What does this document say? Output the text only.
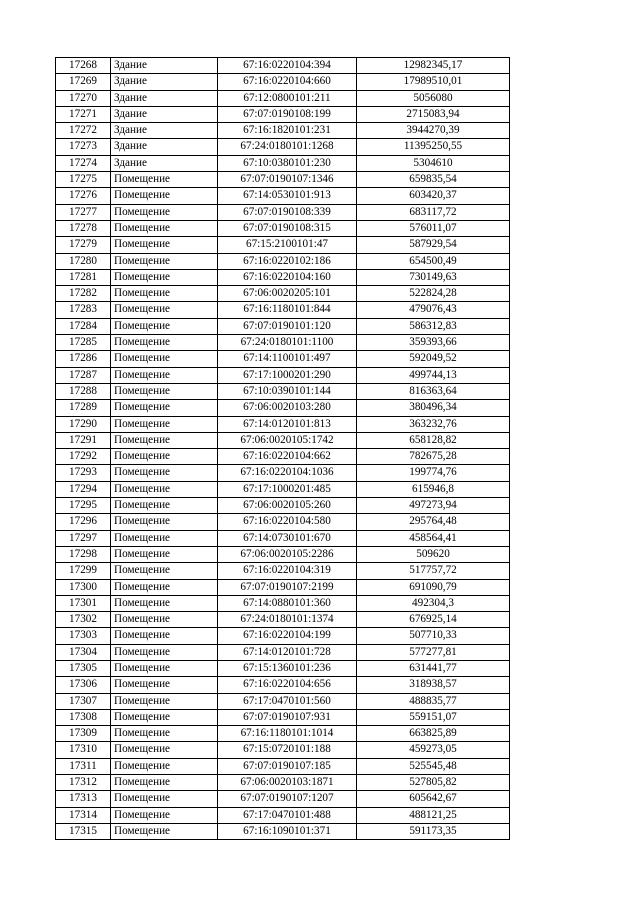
17268	Здание	67:16:0220104:394	12982345,17
17269	Здание	67:16:0220104:660	17989510,01
17270	Здание	67:12:0800101:211	5056080
17271	Здание	67:07:0190108:199	2715083,94
17272	Здание	67:16:1820101:231	3944270,39
17273	Здание	67:24:0180101:1268	11395250,55
17274	Здание	67:10:0380101:230	5304610
17275	Помещение	67:07:0190107:1346	659835,54
17276	Помещение	67:14:0530101:913	603420,37
17277	Помещение	67:07:0190108:339	683117,72
17278	Помещение	67:07:0190108:315	576011,07
17279	Помещение	67:15:2100101:47	587929,54
17280	Помещение	67:16:0220102:186	654500,49
17281	Помещение	67:16:0220104:160	730149,63
17282	Помещение	67:06:0020205:101	522824,28
17283	Помещение	67:16:1180101:844	479076,43
17284	Помещение	67:07:0190101:120	586312,83
17285	Помещение	67:24:0180101:1100	359393,66
17286	Помещение	67:14:1100101:497	592049,52
17287	Помещение	67:17:1000201:290	499744,13
17288	Помещение	67:10:0390101:144	816363,64
17289	Помещение	67:06:0020103:280	380496,34
17290	Помещение	67:14:0120101:813	363232,76
17291	Помещение	67:06:0020105:1742	658128,82
17292	Помещение	67:16:0220104:662	782675,28
17293	Помещение	67:16:0220104:1036	199774,76
17294	Помещение	67:17:1000201:485	615946,8
17295	Помещение	67:06:0020105:260	497273,94
17296	Помещение	67:16:0220104:580	295764,48
17297	Помещение	67:14:0730101:670	458564,41
17298	Помещение	67:06:0020105:2286	509620
17299	Помещение	67:16:0220104:319	517757,72
17300	Помещение	67:07:0190107:2199	691090,79
17301	Помещение	67:14:0880101:360	492304,3
17302	Помещение	67:24:0180101:1374	676925,14
17303	Помещение	67:16:0220104:199	507710,33
17304	Помещение	67:14:0120101:728	577277,81
17305	Помещение	67:15:1360101:236	631441,77
17306	Помещение	67:16:0220104:656	318938,57
17307	Помещение	67:17:0470101:560	488835,77
17308	Помещение	67:07:0190107:931	559151,07
17309	Помещение	67:16:1180101:1014	663825,89
17310	Помещение	67:15:0720101:188	459273,05
17311	Помещение	67:07:0190107:185	525545,48
17312	Помещение	67:06:0020103:1871	527805,82
17313	Помещение	67:07:0190107:1207	605642,67
17314	Помещение	67:17:0470101:488	488121,25
17315	Помещение	67:16:1090101:371	591173,35
